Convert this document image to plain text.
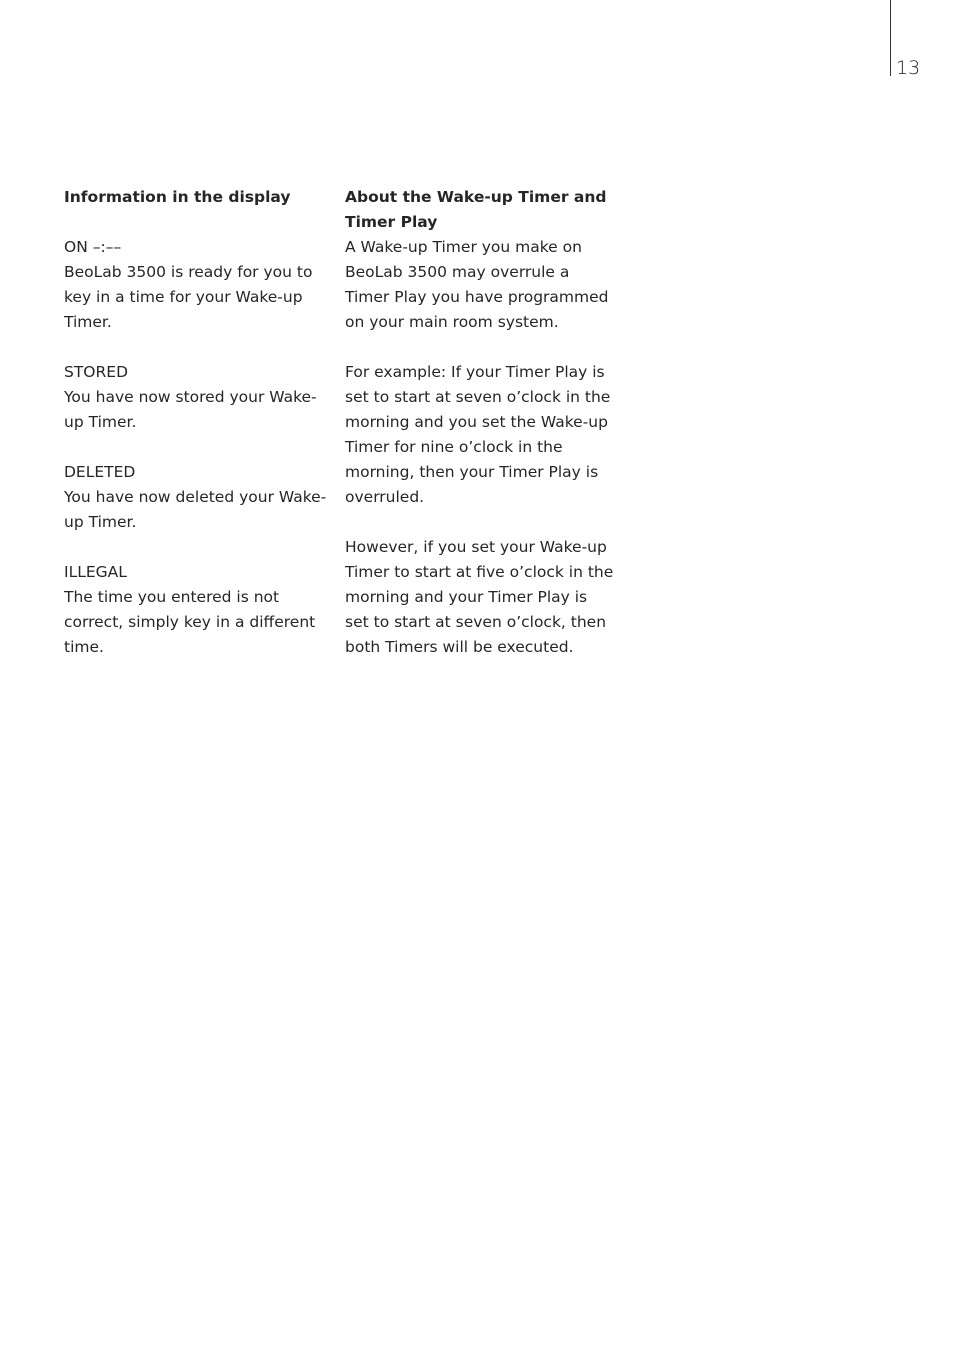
13

Information in the display

ON –:––

BeoLab 3500 is ready for you to key in a time for your Wake-up Timer.

STORED

You have now stored your Wake-up Timer.

DELETED

You have now deleted your Wake-up Timer.

ILLEGAL

The time you entered is not correct, simply key in a different time.

About the Wake-up Timer and Timer Play

A Wake-up Timer you make on BeoLab 3500 may overrule a Timer Play you have programmed on your main room system.

For example: If your Timer Play is set to start at seven o’clock in the morning and you set the Wake-up Timer for nine o’clock in the morning, then your Timer Play is overruled.

However, if you set your Wake-up Timer to start at five o’clock in the morning and your Timer Play is set to start at seven o’clock, then both Timers will be executed.
